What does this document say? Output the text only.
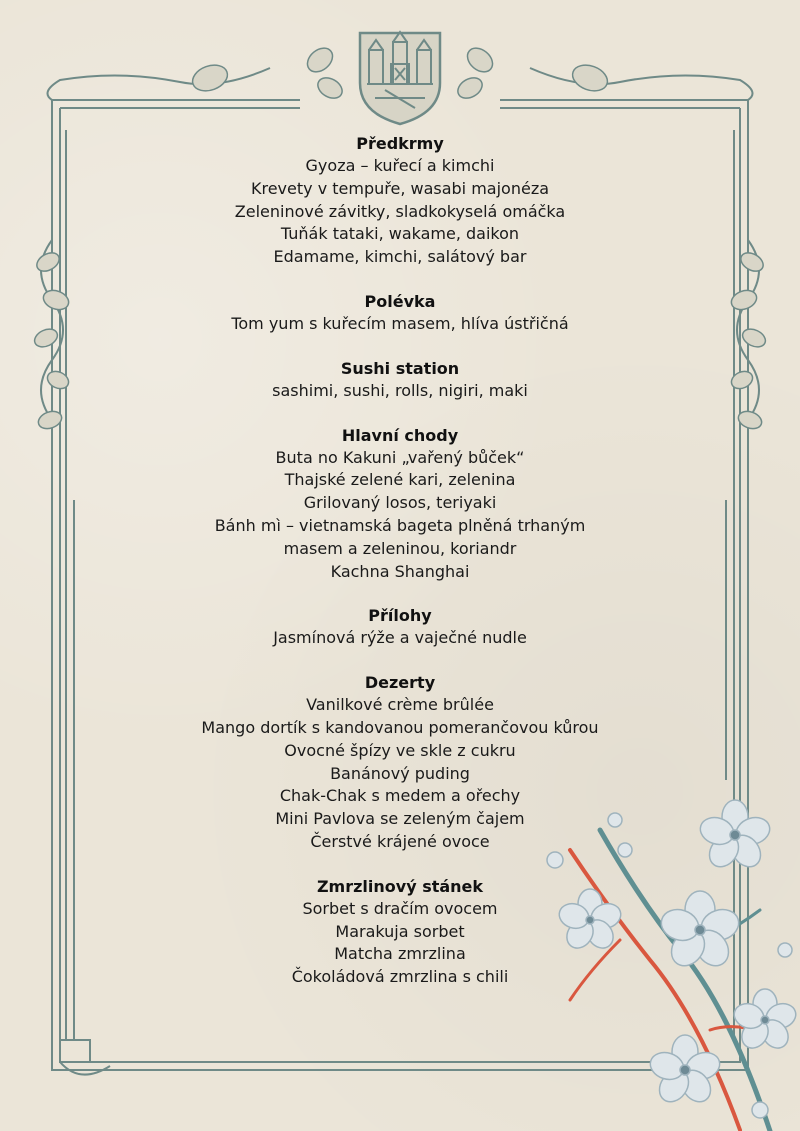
Předkrmy
Gyoza – kuřecí a kimchi
Krevety v tempuře, wasabi majonéza
Zeleninové závitky, sladkokyselá omáčka
Tuňák tataki, wakame, daikon
Edamame, kimchi, salátový bar
Polévka
Tom yum s kuřecím masem, hlíva ústřičná
Sushi station
sashimi, sushi, rolls, nigiri, maki
Hlavní chody
Buta no Kakuni „vařený bůček“
Thajské zelené kari, zelenina
Grilovaný losos, teriyaki
Bánh mì – vietnamská bageta plněná trhaným
masem a zeleninou, koriandr
Kachna Shanghai
Přílohy
Jasmínová rýže a vaječné nudle
Dezerty
Vanilkové crème brûlée
Mango dortík s kandovanou pomerančovou kůrou
Ovocné špízy ve skle z cukru
Banánový puding
Chak-Chak s medem a ořechy
Mini Pavlova se zeleným čajem
Čerstvé krájené ovoce
Zmrzlinový stánek
Sorbet s dračím ovocem
Marakuja sorbet
Matcha zmrzlina
Čokoládová zmrzlina s chili
